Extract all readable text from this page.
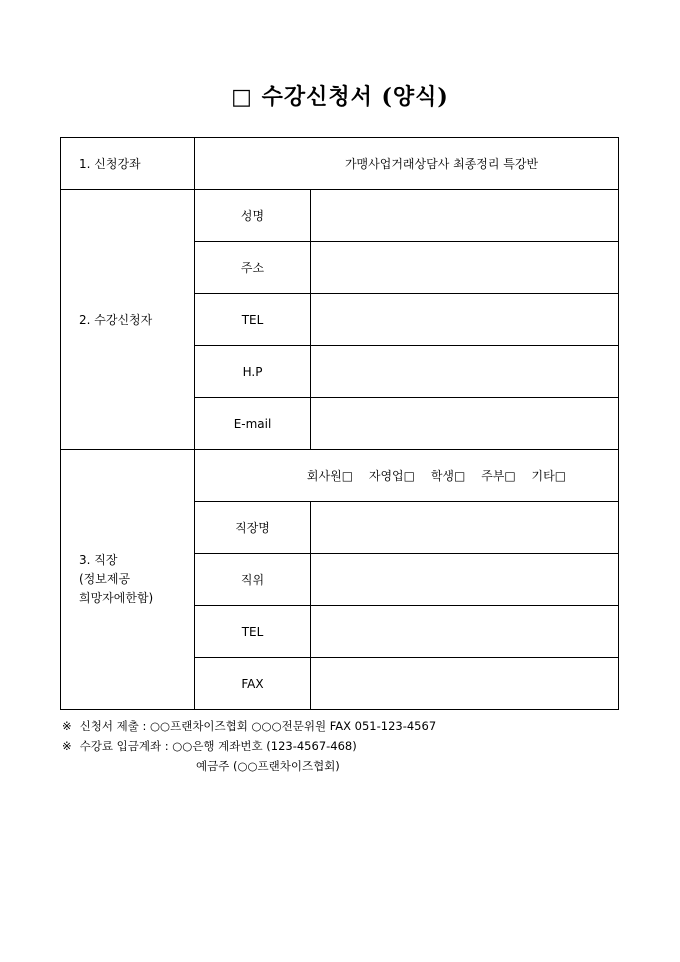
□ 수강신청서 (양식)
1. 신청강좌	가맹사업거래상담사 최종정리 특강반	
2. 수강신청자	성명	
	주소	
	TEL	
	H.P	
	E-mail	

3. 직장
(정보제공
희망자에한함)	회사원□ 자영업□ 학생□ 주부□ 기타□	
	직장명	
	직위	
	TEL	
	FAX	
※ 신청서 제출 : ○○프랜차이즈협회 ○○○전문위원 FAX 051-123-4567
※ 수강료 입금계좌 : ○○은행 계좌번호 (123-4567-468)
예금주 (○○프랜차이즈협회)
